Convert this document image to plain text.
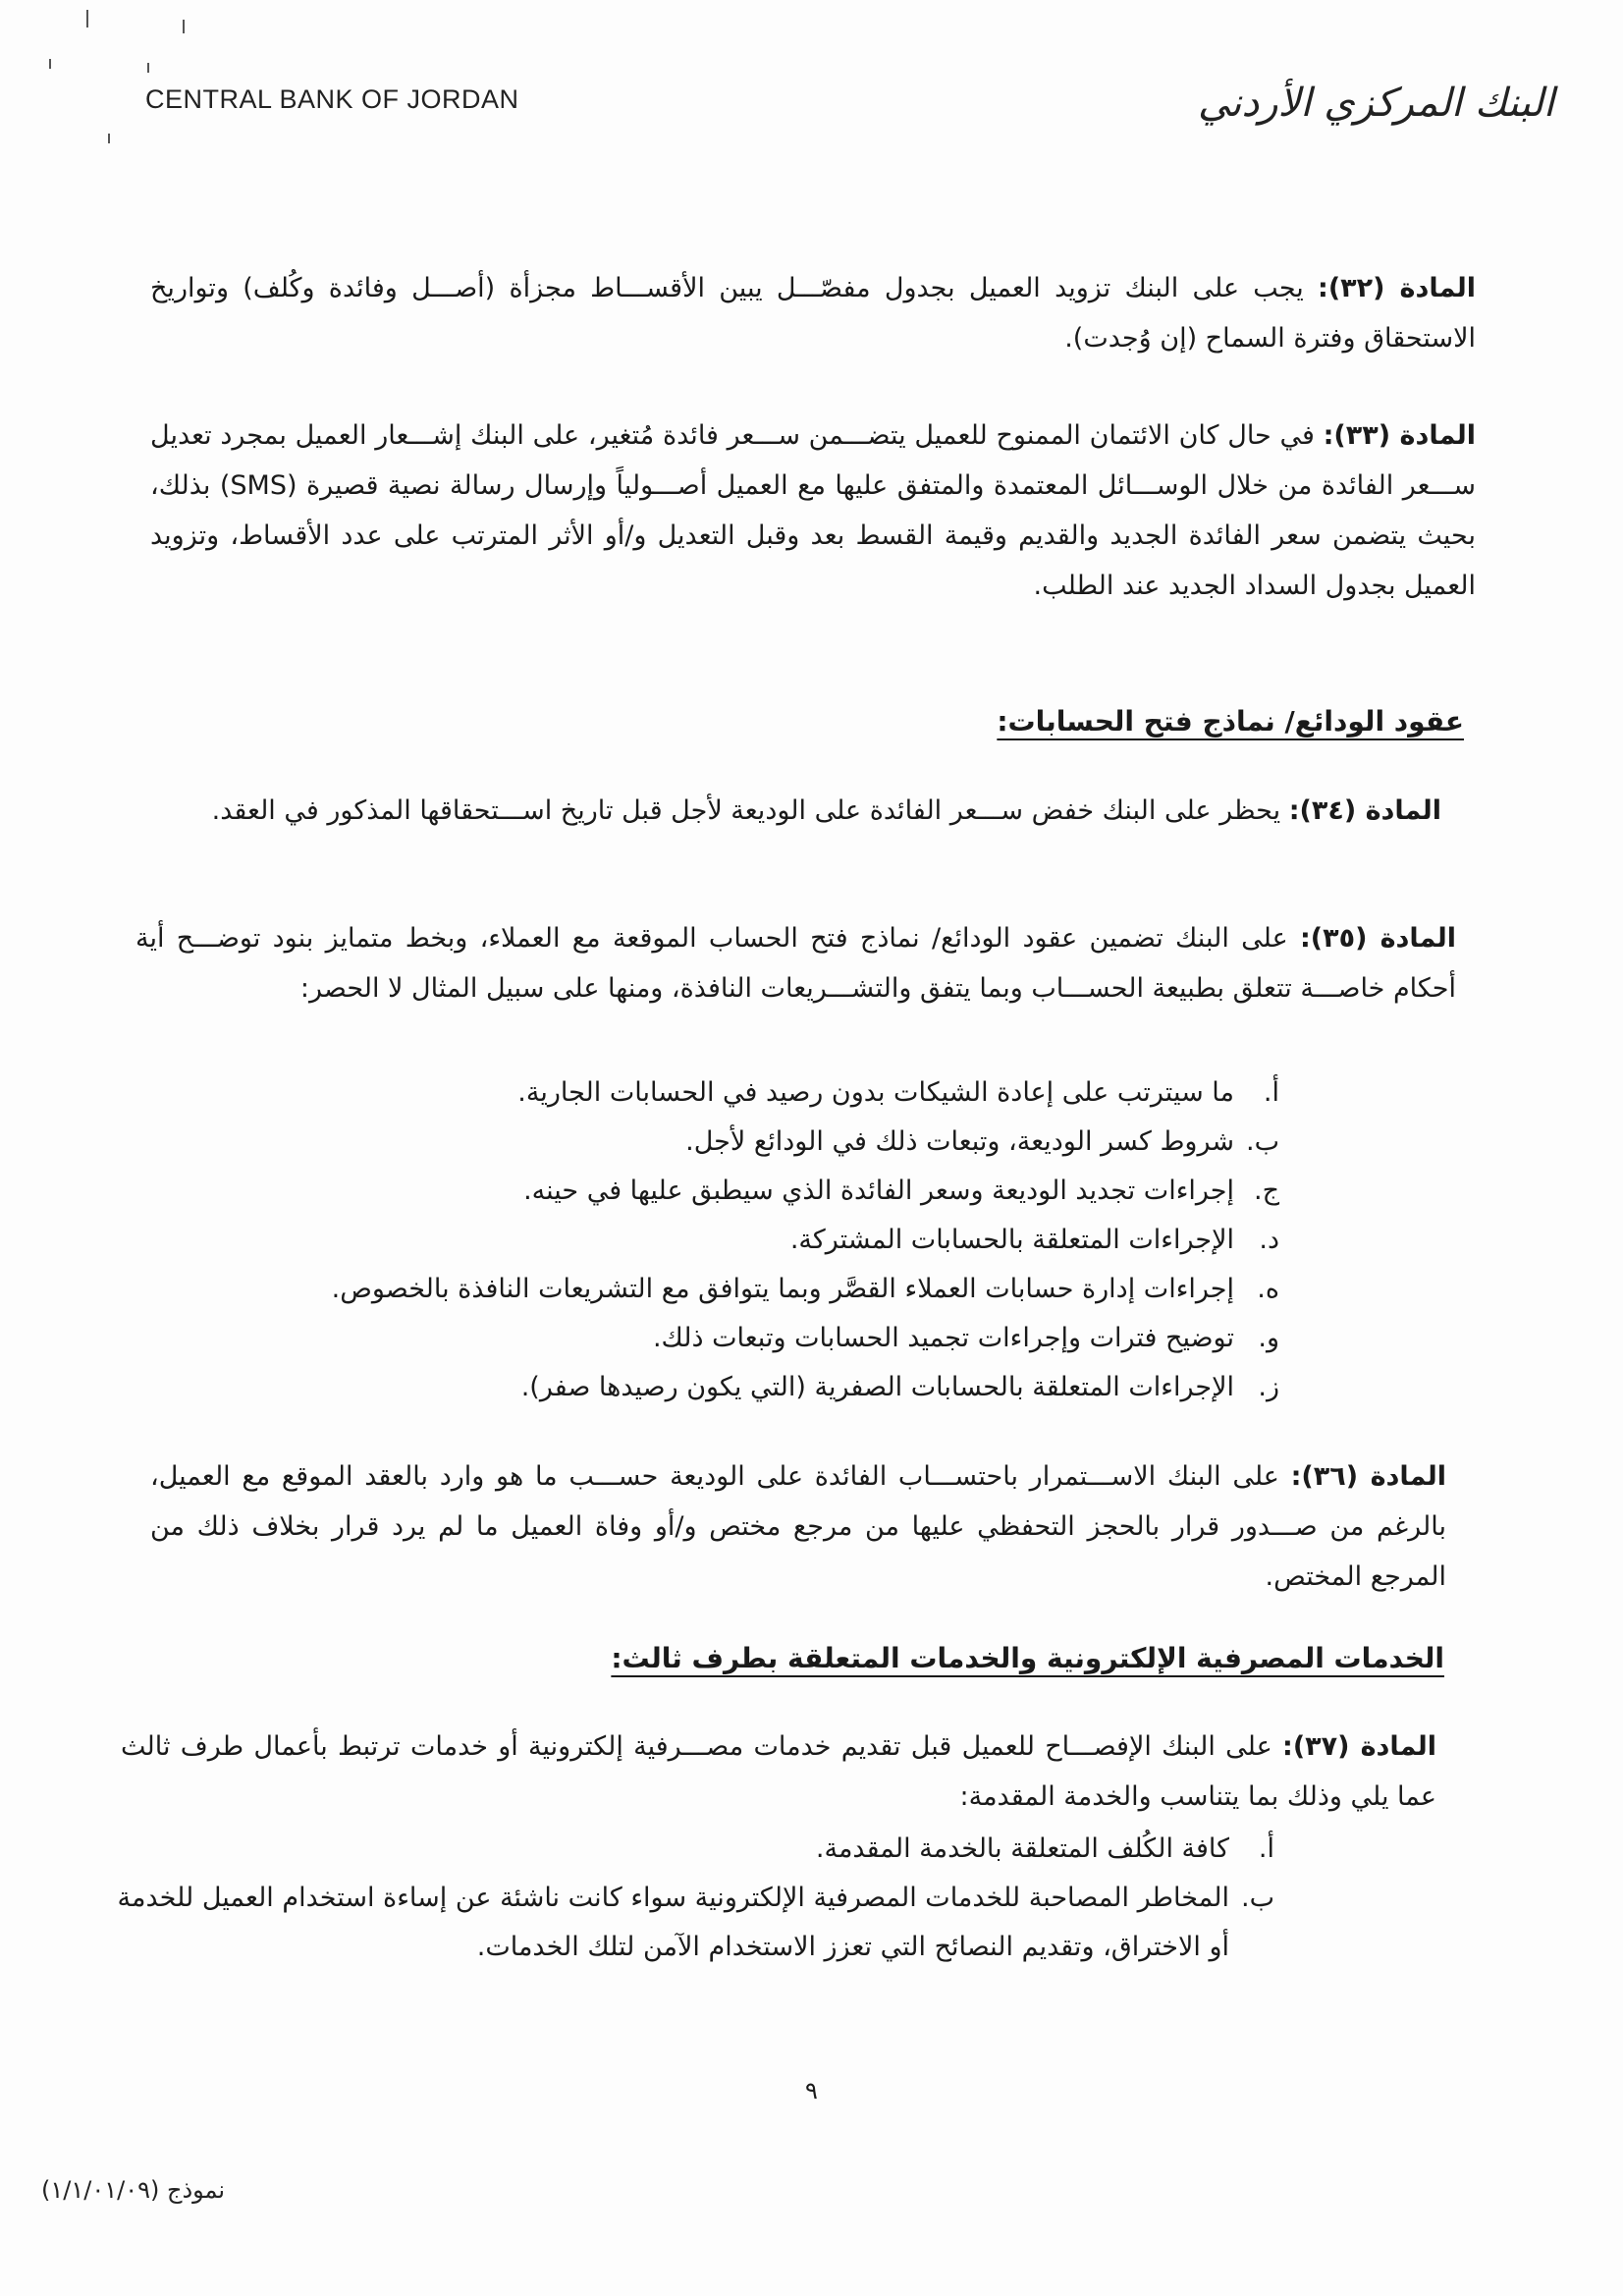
CENTRAL BANK OF JORDAN	البنك المركزي الأردني

المادة (٣٢): يجب على البنك تزويد العميل بجدول مفصّـــل يبين الأقســـاط مجزأة (أصـــل وفائدة وكُلف) وتواريخ الاستحقاق وفترة السماح (إن وُجدت).

المادة (٣٣): في حال كان الائتمان الممنوح للعميل يتضـــمن ســـعر فائدة مُتغير، على البنك إشـــعار العميل بمجرد تعديل ســـعر الفائدة من خلال الوســـائل المعتمدة والمتفق عليها مع العميل أصـــولياً وإرسال رسالة نصية قصيرة (SMS) بذلك، بحيث يتضمن سعر الفائدة الجديد والقديم وقيمة القسط بعد وقبل التعديل و/أو الأثر المترتب على عدد الأقساط، وتزويد العميل بجدول السداد الجديد عند الطلب.

عقود الودائع/ نماذج فتح الحسابات:

المادة (٣٤): يحظر على البنك خفض ســـعر الفائدة على الوديعة لأجل قبل تاريخ اســـتحقاقها المذكور في العقد.

المادة (٣٥): على البنك تضمين عقود الودائع/ نماذج فتح الحساب الموقعة مع العملاء، وبخط متمايز بنود توضـــح أية أحكام خاصـــة تتعلق بطبيعة الحســـاب وبما يتفق والتشـــريعات النافذة، ومنها على سبيل المثال لا الحصر:

أ.
ما سيترتب على إعادة الشيكات بدون رصيد في الحسابات الجارية.
ب.
شروط كسر الوديعة، وتبعات ذلك في الودائع لأجل.
ج.
إجراءات تجديد الوديعة وسعر الفائدة الذي سيطبق عليها في حينه.
د.
الإجراءات المتعلقة بالحسابات المشتركة.
ه.
إجراءات إدارة حسابات العملاء القصَّر وبما يتوافق مع التشريعات النافذة بالخصوص.
و.
توضيح فترات وإجراءات تجميد الحسابات وتبعات ذلك.
ز.
الإجراءات المتعلقة بالحسابات الصفرية (التي يكون رصيدها صفر).

المادة (٣٦): على البنك الاســـتمرار باحتســـاب الفائدة على الوديعة حســـب ما هو وارد بالعقد الموقع مع العميل، بالرغم من صـــدور قرار بالحجز التحفظي عليها من مرجع مختص و/أو وفاة العميل ما لم يرد قرار بخلاف ذلك من المرجع المختص.

الخدمات المصرفية الإلكترونية والخدمات المتعلقة بطرف ثالث:

المادة (٣٧): على البنك الإفصـــاح للعميل قبل تقديم خدمات مصـــرفية إلكترونية أو خدمات ترتبط بأعمال طرف ثالث عما يلي وذلك بما يتناسب والخدمة المقدمة:

أ.
كافة الكُلف المتعلقة بالخدمة المقدمة.
ب.
المخاطر المصاحبة للخدمات المصرفية الإلكترونية سواء كانت ناشئة عن إساءة استخدام العميل للخدمة أو الاختراق، وتقديم النصائح التي تعزز الاستخدام الآمن لتلك الخدمات.
٩
نموذج (١/١/٠١/٠٩)
